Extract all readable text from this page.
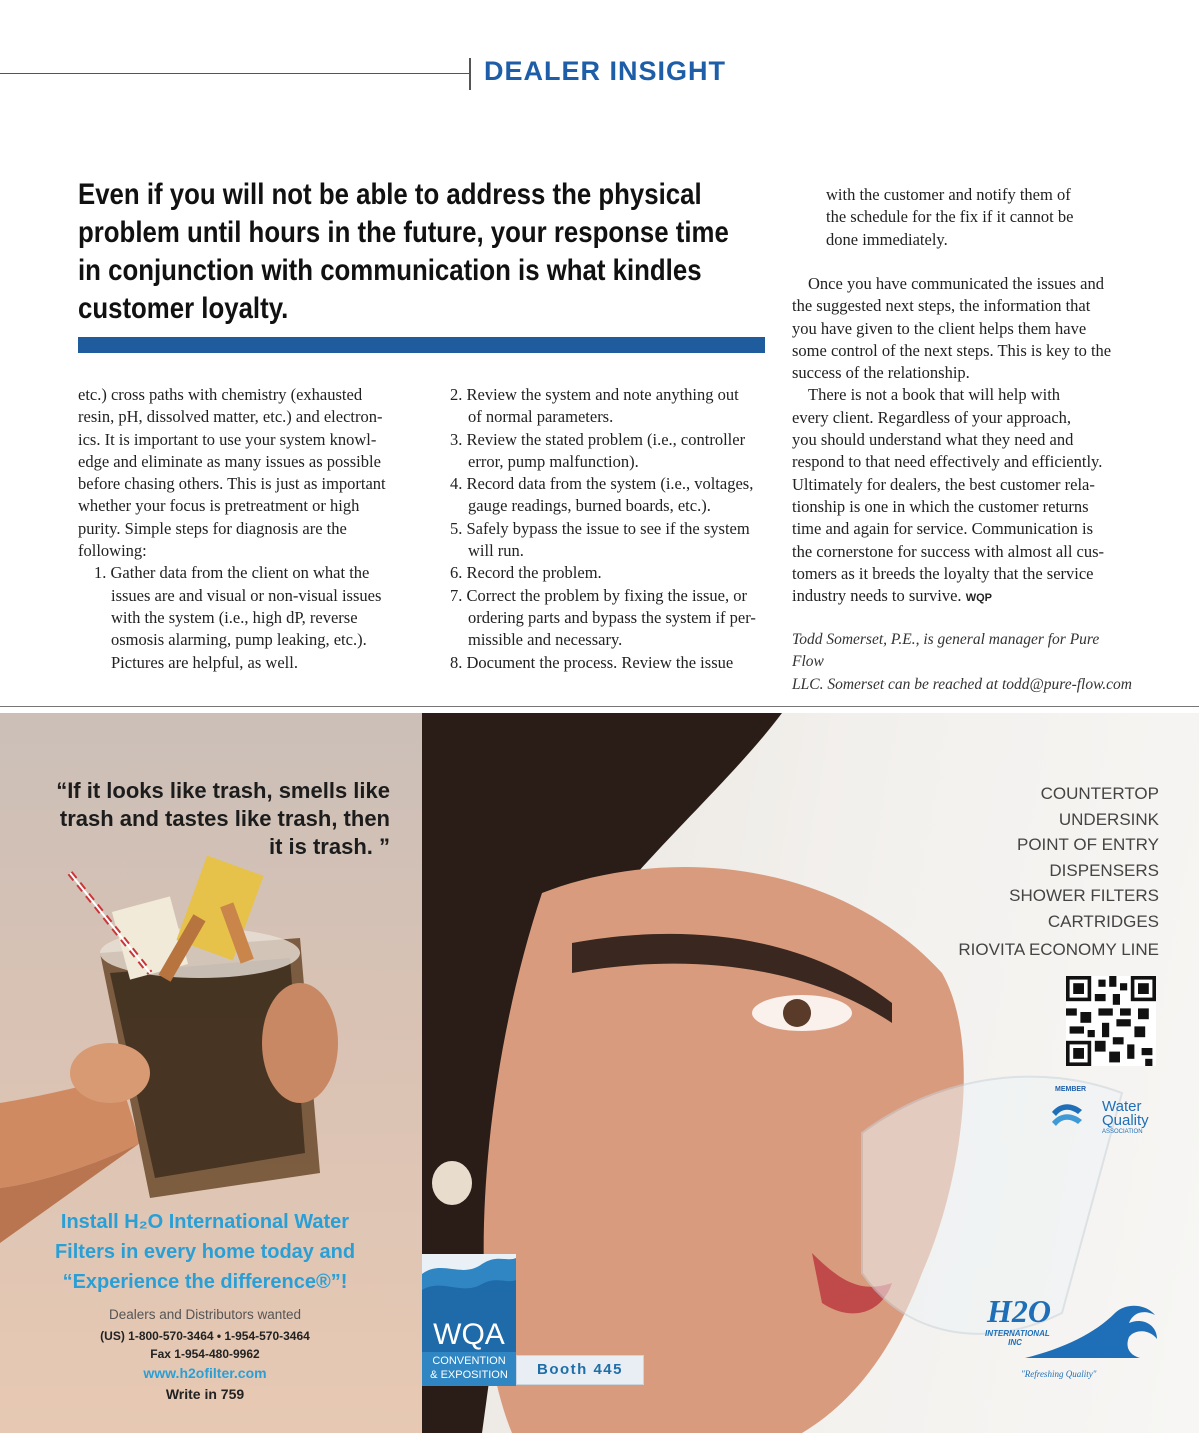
DEALER INSIGHT
Even if you will not be able to address the physical
problem until hours in the future, your response time
in conjunction with communication is what kindles
customer loyalty.

etc.) cross paths with chemistry (exhausted

resin, pH, dissolved matter, etc.) and electron-

ics. It is important to use your system knowl-

edge and eliminate as many issues as possible

before chasing others. This is just as important

whether your focus is pretreatment or high

purity. Simple steps for diagnosis are the

following:

1. Gather data from the client on what the

issues are and visual or non-visual issues

with the system (i.e., high dP, reverse

osmosis alarming, pump leaking, etc.).

Pictures are helpful, as well.

2. Review the system and note anything out

of normal parameters.

3. Review the stated problem (i.e., controller

error, pump malfunction).

4. Record data from the system (i.e., voltages,

gauge readings, burned boards, etc.).

5. Safely bypass the issue to see if the system

will run.

6. Record the problem.

7. Correct the problem by fixing the issue, or

ordering parts and bypass the system if per-

missible and necessary.

8. Document the process. Review the issue

with the customer and notify them of

the schedule for the fix if it cannot be

done immediately.

Once you have communicated the issues and

the suggested next steps, the information that

you have given to the client helps them have

some control of the next steps. This is key to the

success of the relationship.

There is not a book that will help with

every client. Regardless of your approach,

you should understand what they need and

respond to that need effectively and efficiently.

Ultimately for dealers, the best customer rela-

tionship is one in which the customer returns

time and again for service. Communication is

the cornerstone for success with almost all cus-

tomers as it breeds the loyalty that the service

industry needs to survive. WQP

Todd Somerset, P.E., is general manager for Pure Flow
LLC. Somerset can be reached at todd@pure-flow.com
“If it looks like trash, smells like
trash and tastes like trash, then
it is trash. ”
Install H₂O International Water
Filters in every home today and
“Experience the difference®”!
Dealers and Distributors wanted
(US) 1-800-570-3464 • 1-954-570-3464
Fax 1-954-480-9962
www.h2ofilter.com
Write in 759
COUNTERTOP
UNDERSINK
POINT OF ENTRY
DISPENSERS
SHOWER FILTERS
CARTRIDGES
RIOVITA ECONOMY LINE
MEMBER
Water
Quality
ASSOCIATION
WQA
CONVENTION
& EXPOSITION	Booth 445
H2O
INTERNATIONAL
INC
"Refreshing Quality"
